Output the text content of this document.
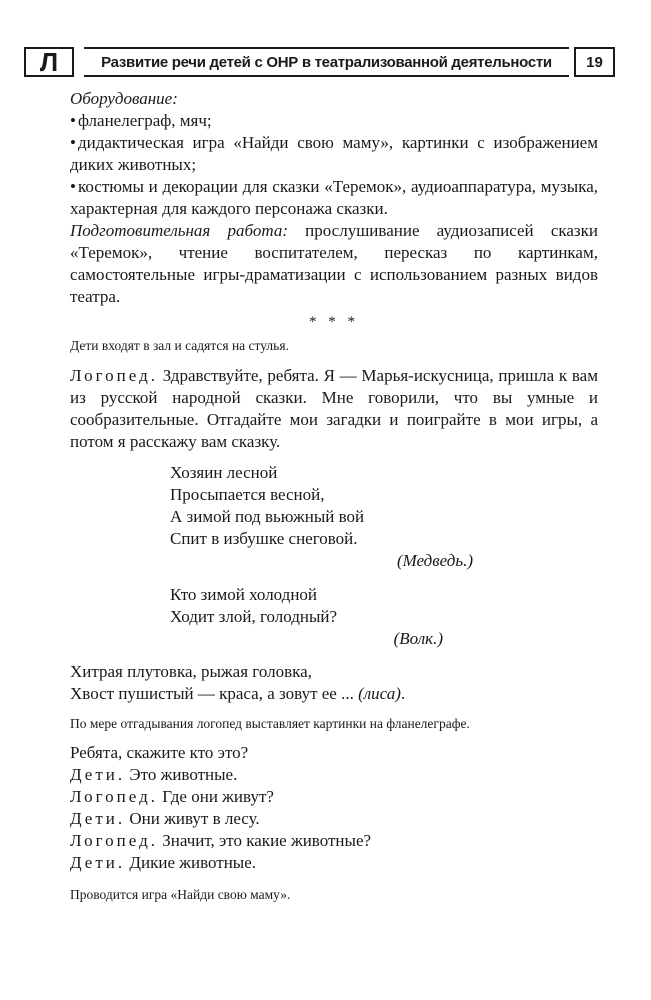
Л	Развитие речи детей с ОНР в театрализованной деятельности	19

Оборудование:

• фланелеграф, мяч;

• дидактическая игра «Найди свою маму», картинки с изображением диких животных;

• костюмы и декорации для сказки «Теремок», аудиоаппаратура, музыка, характерная для каждого персонажа сказки.

Подготовительная работа: прослушивание аудиозаписей сказки «Теремок», чтение воспитателем, пересказ по картинкам, самостоятельные игры-драматизации с использованием разных видов театра.

* * *

Дети входят в зал и садятся на стулья.

Логопед. Здравствуйте, ребята. Я — Марья-искусница, пришла к вам из русской народной сказки. Мне говорили, что вы умные и сообразительные. Отгадайте мои загадки и поиграйте в мои игры, а потом я расскажу вам сказку.

Хозяин лесной

Просыпается весной,

А зимой под вьюжный вой

Спит в избушке снеговой.

(Медведь.)

Кто зимой холодной

Ходит злой, голодный?

(Волк.)

Хитрая плутовка, рыжая головка,

Хвост пушистый — краса, а зовут ее ... (лиса).

По мере отгадывания логопед выставляет картинки на фланелеграфе.

Ребята, скажите кто это?

Дети. Это животные.

Логопед. Где они живут?

Дети. Они живут в лесу.

Логопед. Значит, это какие животные?

Дети. Дикие животные.

Проводится игра «Найди свою маму».
